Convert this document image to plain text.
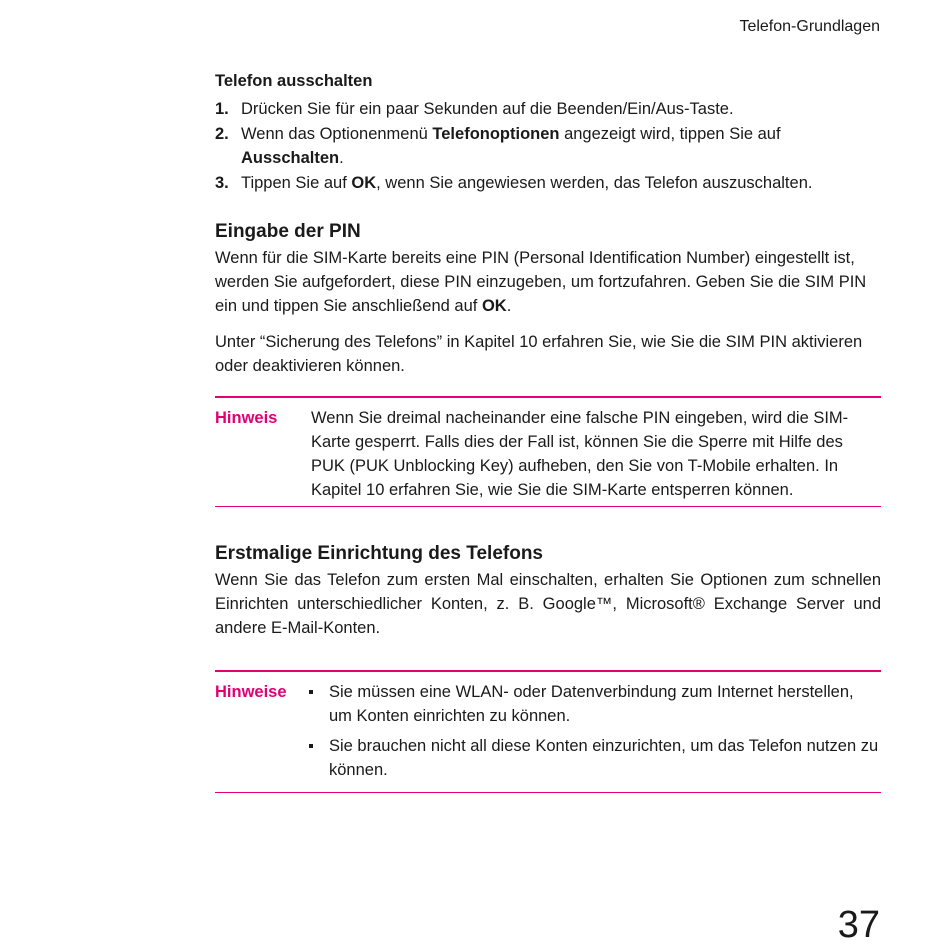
Telefon-Grundlagen
Telefon ausschalten
1. Drücken Sie für ein paar Sekunden auf die Beenden/Ein/Aus-Taste.
2. Wenn das Optionenmenü Telefonoptionen angezeigt wird, tippen Sie auf Ausschalten.
3. Tippen Sie auf OK, wenn Sie angewiesen werden, das Telefon auszuschalten.
Eingabe der PIN

Wenn für die SIM-Karte bereits eine PIN (Personal Identification Number) eingestellt ist, werden Sie aufgefordert, diese PIN einzugeben, um fortzufahren. Geben Sie die SIM PIN ein und tippen Sie anschließend auf OK.

Unter “Sicherung des Telefons” in Kapitel 10 erfahren Sie, wie Sie die SIM PIN aktivieren oder deaktivieren können.

Hinweis	Wenn Sie dreimal nacheinander eine falsche PIN eingeben, wird die SIM-Karte gesperrt. Falls dies der Fall ist, können Sie die Sperre mit Hilfe des PUK (PUK Unblocking Key) aufheben, den Sie von T-Mobile erhalten. In Kapitel 10 erfahren Sie, wie Sie die SIM-Karte entsperren können.
Erstmalige Einrichtung des Telefons

Wenn Sie das Telefon zum ersten Mal einschalten, erhalten Sie Optionen zum schnellen Einrichten unterschiedlicher Konten, z. B. Google™, Microsoft® Exchange Server und andere E-Mail-Konten.

Hinweise	Sie müssen eine WLAN- oder Datenverbindung zum Internet herstellen, um Konten einrichten zu können.
Sie brauchen nicht all diese Konten einzurichten, um das Telefon nutzen zu können.
37
